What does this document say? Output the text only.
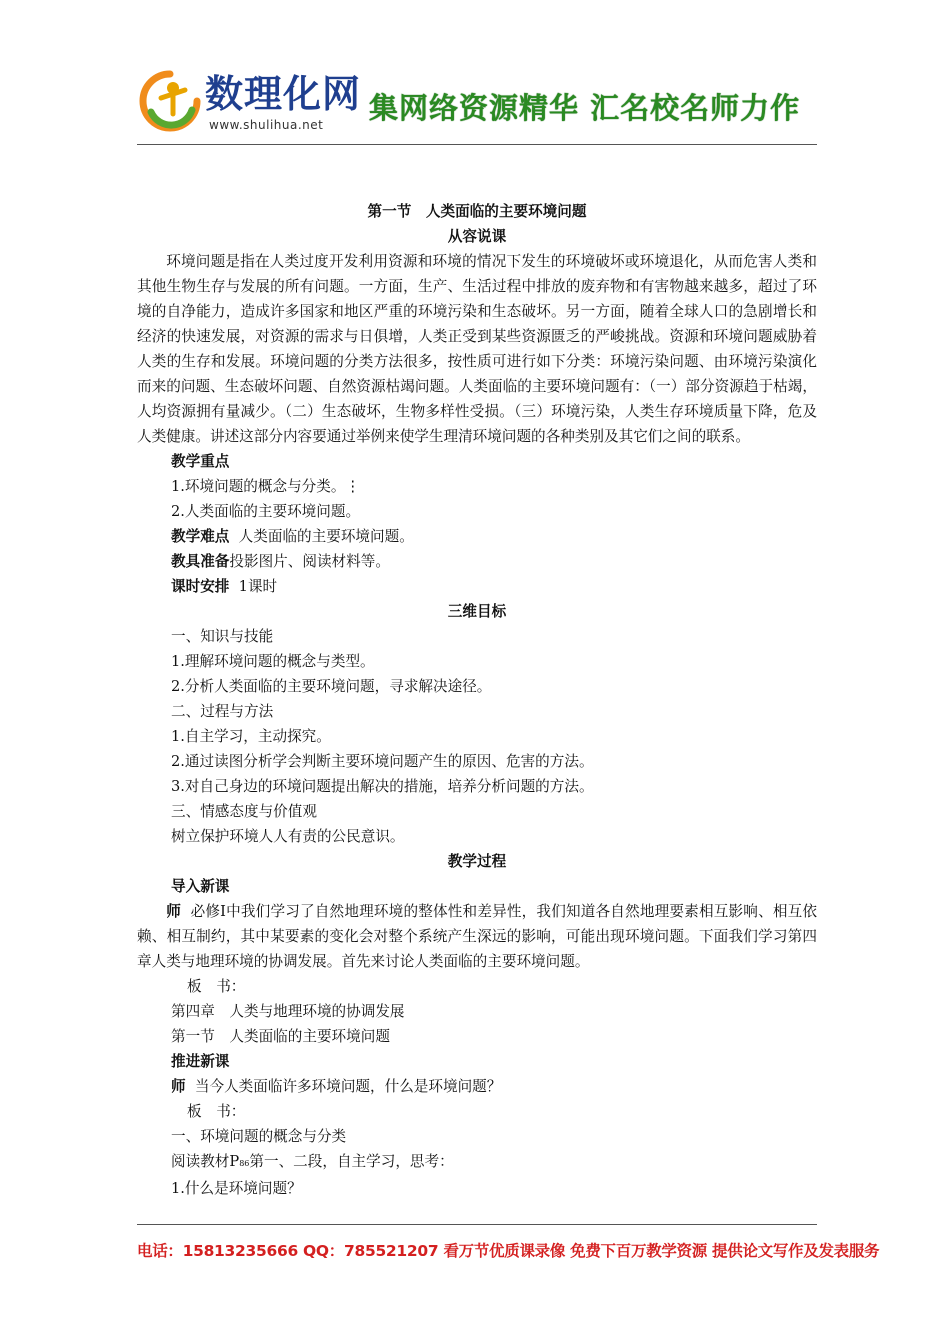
数理化网
www.shulihua.net 集网络资源精华 汇名校名师力作

第一节　人类面临的主要环境问题

从容说课

环境问题是指在人类过度开发利用资源和环境的情况下发生的环境破坏或环境退化，从而危害人类和其他生物生存与发展的所有问题。一方面，生产、生活过程中排放的废弃物和有害物越来越多，超过了环境的自净能力，造成许多国家和地区严重的环境污染和生态破坏。另一方面，随着全球人口的急剧增长和经济的快速发展，对资源的需求与日俱增，人类正受到某些资源匮乏的严峻挑战。资源和环境问题威胁着人类的生存和发展。环境问题的分类方法很多，按性质可进行如下分类：环境污染问题、由环境污染演化而来的问题、生态破坏问题、自然资源枯竭问题。人类面临的主要环境问题有：（一）部分资源趋于枯竭，人均资源拥有量减少。（二）生态破坏，生物多样性受损。（三）环境污染，人类生存环境质量下降，危及人类健康。讲述这部分内容要通过举例来使学生理清环境问题的各种类别及其它们之间的联系。

教学重点

1.环境问题的概念与分类。⋮

2.人类面临的主要环境问题。

教学难点 人类面临的主要环境问题。

教具准备投影图片、阅读材料等。

课时安排 1课时

三维目标

一、知识与技能

1.理解环境问题的概念与类型。

2.分析人类面临的主要环境问题，寻求解决途径。

二、过程与方法

1.自主学习，主动探究。

2.通过读图分析学会判断主要环境问题产生的原因、危害的方法。

3.对自己身边的环境问题提出解决的措施，培养分析问题的方法。

三、情感态度与价值观

树立保护环境人人有责的公民意识。

教学过程

导入新课

师 必修Ⅰ中我们学习了自然地理环境的整体性和差异性，我们知道各自然地理要素相互影响、相互依赖、相互制约，其中某要素的变化会对整个系统产生深远的影响，可能出现环境问题。下面我们学习第四章人类与地理环境的协调发展。首先来讨论人类面临的主要环境问题。

板　书：

第四章　人类与地理环境的协调发展

第一节　人类面临的主要环境问题

推进新课

师 当今人类面临许多环境问题，什么是环境问题？

板　书：

一、环境问题的概念与分类

阅读教材P86第一、二段，自主学习，思考：

1.什么是环境问题？

电话：15813235666 QQ：785521207 看万节优质课录像 免费下百万教学资源 提供论文写作及发表服务
